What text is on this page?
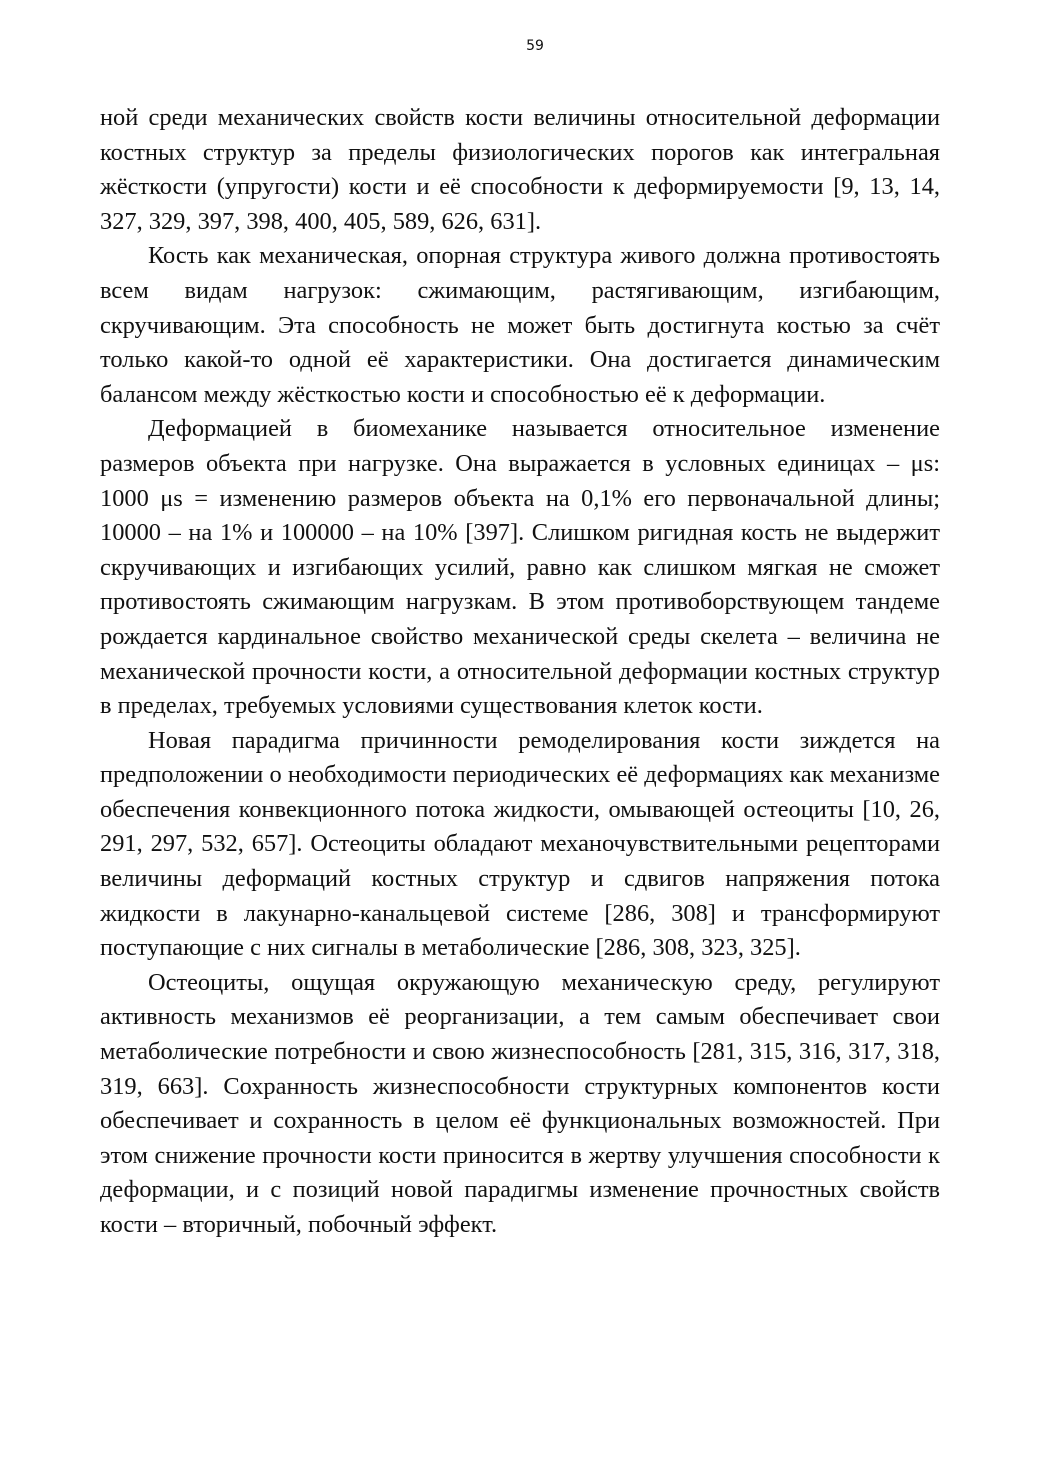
59

ной среди механических свойств кости величины относительной деформации костных структур за пределы физиологических порогов как интегральная жёсткости (упругости) кости и её способности к деформируемости [9, 13, 14, 327, 329, 397, 398, 400, 405, 589, 626, 631].

Кость как механическая, опорная структура живого должна противостоять всем видам нагрузок: сжимающим, растягивающим, изгибающим, скручивающим. Эта способность не может быть достигнута костью за счёт только какой-то одной её характеристики. Она достигается динамическим балансом между жёсткостью кости и способностью её к деформации.

Деформацией в биомеханике называется относительное изменение размеров объекта при нагрузке. Она выражается в условных единицах – μs: 1000 μs = изменению размеров объекта на 0,1% его первоначальной длины; 10000 – на 1% и 100000 – на 10% [397]. Слишком ригидная кость не выдержит скручивающих и изгибающих усилий, равно как слишком мягкая не сможет противостоять сжимающим нагрузкам. В этом противоборствующем тандеме рождается кардинальное свойство механической среды скелета – величина не механической прочности кости, а относительной деформации костных структур в пределах, требуемых условиями существования клеток кости.

Новая парадигма причинности ремоделирования кости зиждется на предположении о необходимости периодических её деформациях как механизме обеспечения конвекционного потока жидкости, омывающей остеоциты [10, 26, 291, 297, 532, 657]. Остеоциты обладают механочувствительными рецепторами величины деформаций костных структур и сдвигов напряжения потока жидкости в лакунарно-канальцевой системе [286, 308] и трансформируют поступающие с них сигналы в метаболические [286, 308, 323, 325].

Остеоциты, ощущая окружающую механическую среду, регулируют активность механизмов её реорганизации, а тем самым обеспечивает свои метаболические потребности и свою жизнеспособность [281, 315, 316, 317, 318, 319, 663]. Сохранность жизнеспособности структурных компонентов кости обеспечивает и сохранность в целом её функциональных возможностей. При этом снижение прочности кости приносится в жертву улучшения способности к деформации, и с позиций новой парадигмы изменение прочностных свойств кости – вторичный, побочный эффект.
